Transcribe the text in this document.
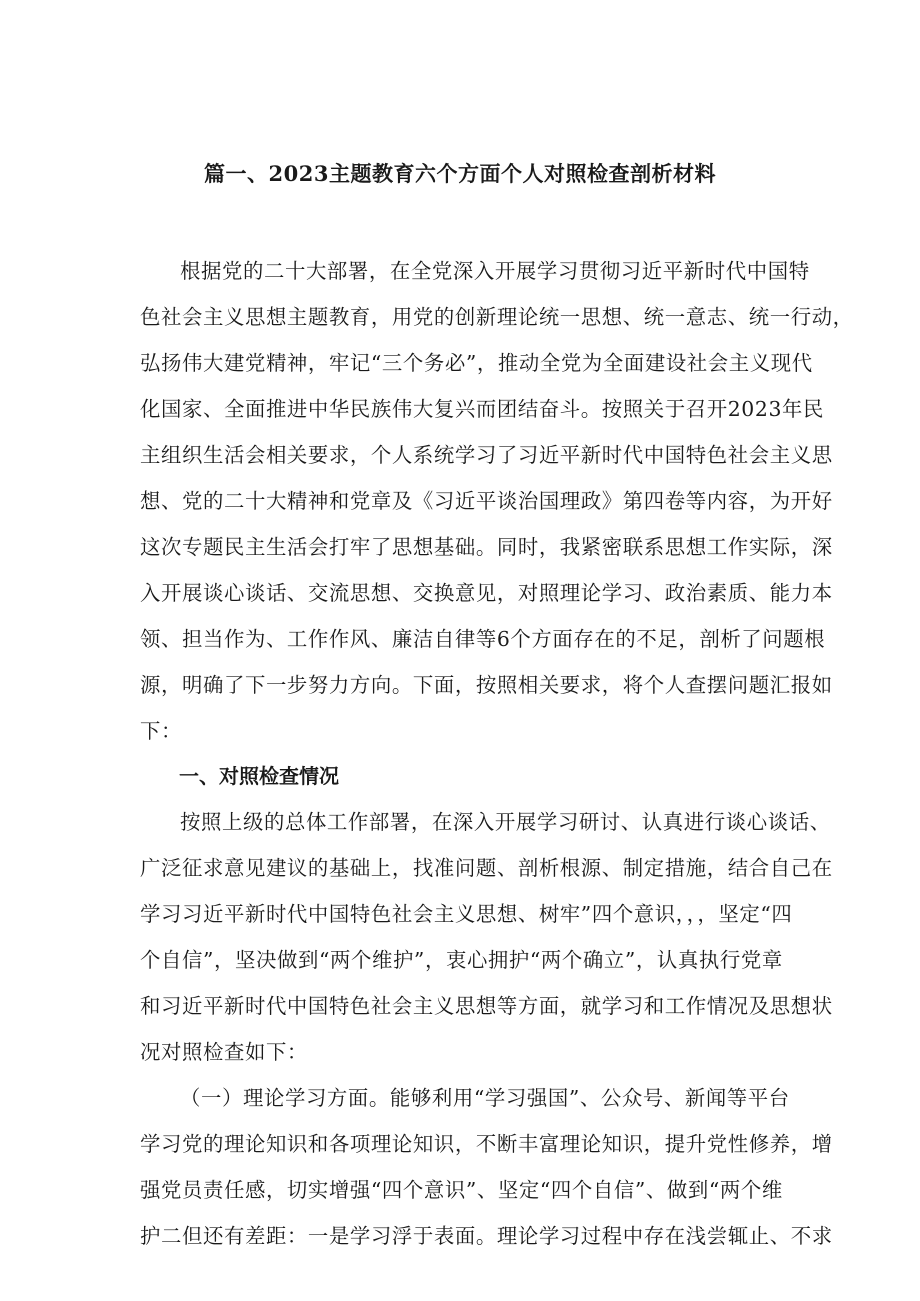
篇一、2023主题教育六个方面个人对照检查剖析材料
根据党的二十大部署，在全党深入开展学习贯彻习近平新时代中国特
色社会主义思想主题教育，用党的创新理论统一思想、统一意志、统一行动，
弘扬伟大建党精神，牢记“三个务必”，推动全党为全面建设社会主义现代
化国家、全面推进中华民族伟大复兴而团结奋斗。按照关于召开2023年民
主组织生活会相关要求，个人系统学习了习近平新时代中国特色社会主义思
想、党的二十大精神和党章及《习近平谈治国理政》第四卷等内容，为开好
这次专题民主生活会打牢了思想基础。同时，我紧密联系思想工作实际，深
入开展谈心谈话、交流思想、交换意见，对照理论学习、政治素质、能力本
领、担当作为、工作作风、廉洁自律等6个方面存在的不足，剖析了问题根
源，明确了下一步努力方向。下面，按照相关要求，将个人查摆问题汇报如
下：
一、对照检查情况
按照上级的总体工作部署，在深入开展学习研讨、认真进行谈心谈话、
广泛征求意见建议的基础上，找准问题、剖析根源、制定措施，结合自己在
学习习近平新时代中国特色社会主义思想、树牢”四个意识，，，坚定“四
个自信”，坚决做到“两个维护”，衷心拥护“两个确立”，认真执行党章
和习近平新时代中国特色社会主义思想等方面，就学习和工作情况及思想状
况对照检查如下：
（一）理论学习方面。能够利用“学习强国”、公众号、新闻等平台
学习党的理论知识和各项理论知识，不断丰富理论知识，提升党性修养，增
强党员责任感，切实增强“四个意识”、坚定“四个自信”、做到“两个维
护二但还有差距：一是学习浮于表面。理论学习过程中存在浅尝辄止、不求
